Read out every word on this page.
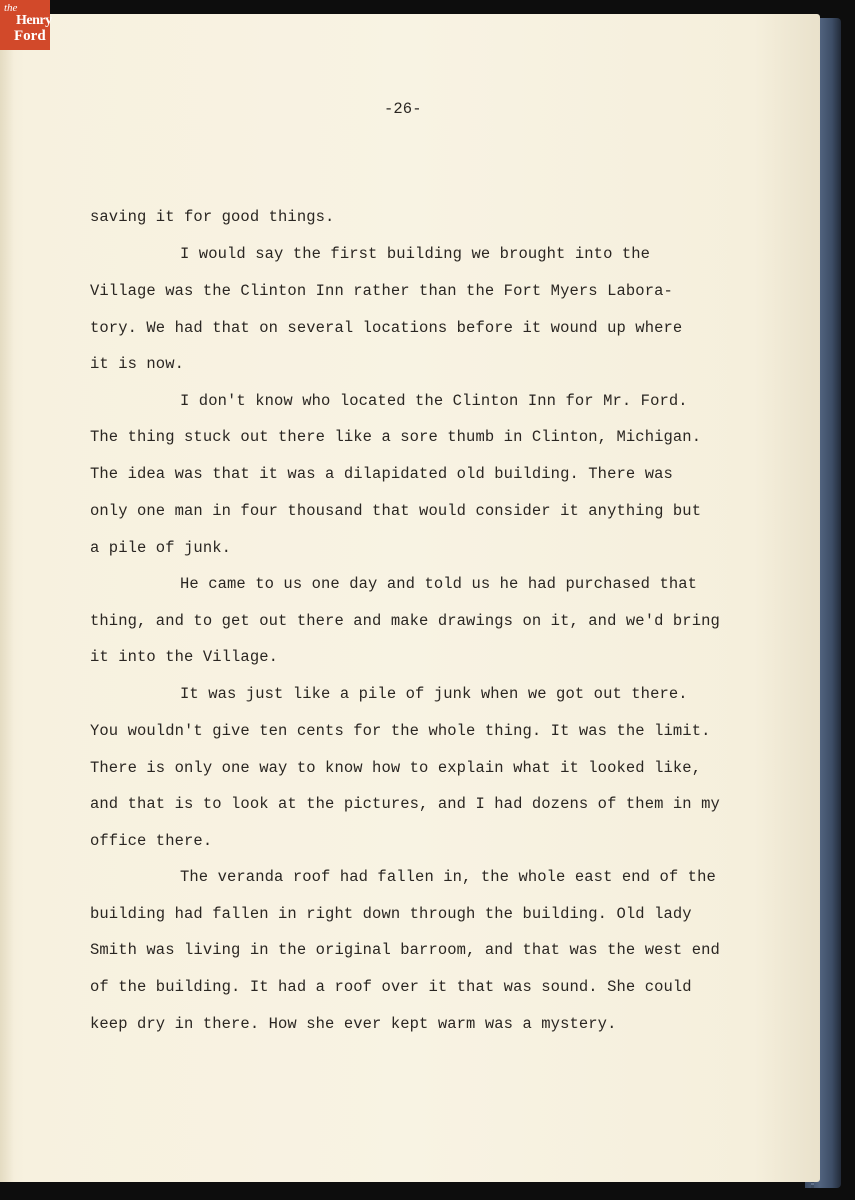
the
Henry
Ford
-26-
saving it for good things.
I would say the first building we brought into the
Village was the Clinton Inn rather than the Fort Myers Labora-
tory. We had that on several locations before it wound up where
it is now.
I don't know who located the Clinton Inn for Mr. Ford.
The thing stuck out there like a sore thumb in Clinton, Michigan.
The idea was that it was a dilapidated old building. There was
only one man in four thousand that would consider it anything but
a pile of junk.
He came to us one day and told us he had purchased that
thing, and to get out there and make drawings on it, and we'd bring
it into the Village.
It was just like a pile of junk when we got out there.
You wouldn't give ten cents for the whole thing. It was the limit.
There is only one way to know how to explain what it looked like,
and that is to look at the pictures, and I had dozens of them in my
office there.
The veranda roof had fallen in, the whole east end of the
building had fallen in right down through the building. Old lady
Smith was living in the original barroom, and that was the west end
of the building. It had a roof over it that was sound. She could
keep dry in there. How she ever kept warm was a mystery.
